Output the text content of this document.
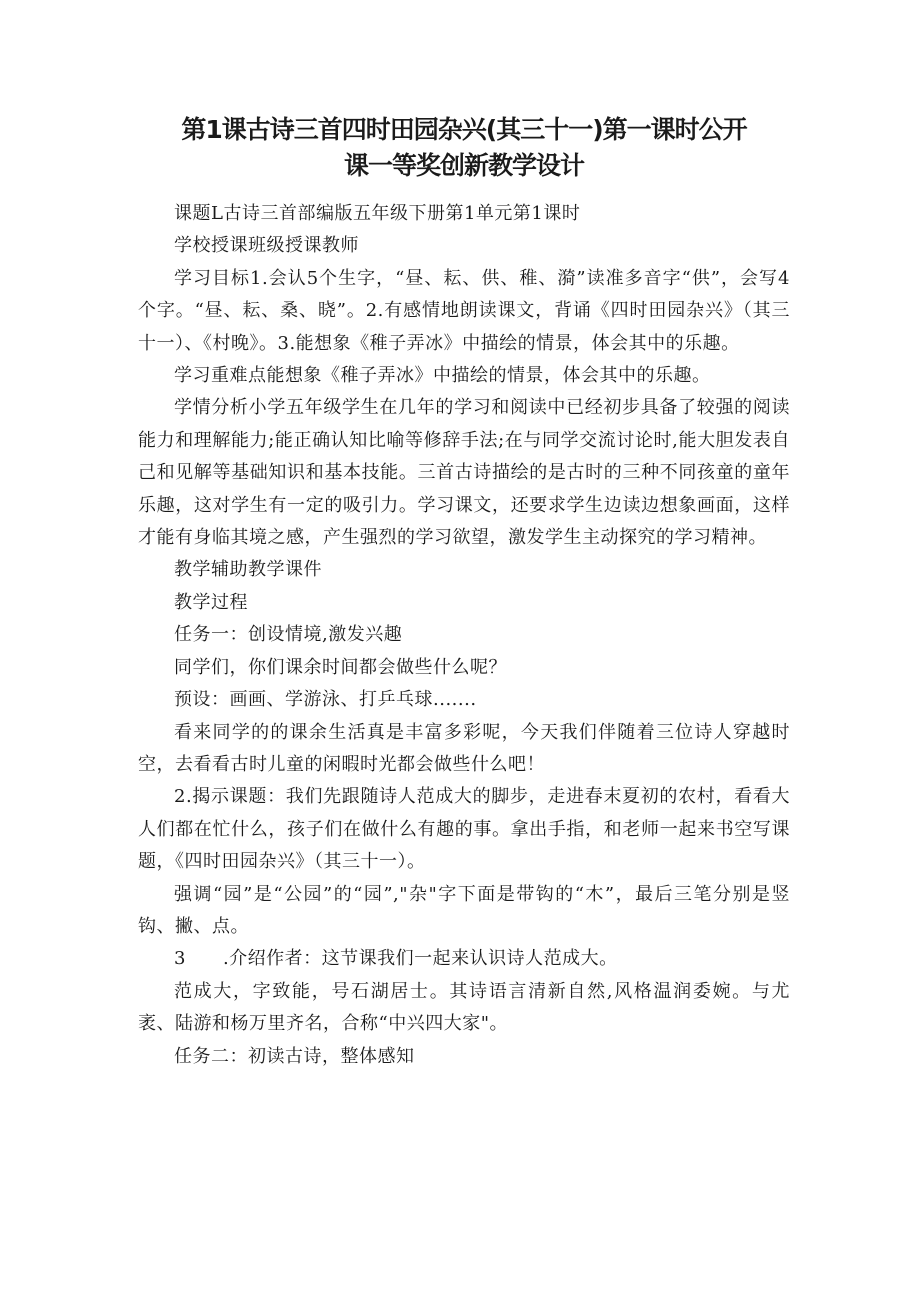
第1课古诗三首四时田园杂兴(其三十一)第一课时公开
课一等奖创新教学设计

课题L古诗三首部编版五年级下册第1单元第1课时

学校授课班级授课教师

学习目标1.会认5个生字，“昼、耘、供、稚、漪”读准多音字“供”，会写4个字。“昼、耘、桑、晓”。2.有感情地朗读课文，背诵《四时田园杂兴》（其三十一）、《村晚》。3.能想象《稚子弄冰》中描绘的情景，体会其中的乐趣。

学习重难点能想象《稚子弄冰》中描绘的情景，体会其中的乐趣。

学情分析小学五年级学生在几年的学习和阅读中已经初步具备了较强的阅读能力和理解能力;能正确认知比喻等修辞手法;在与同学交流讨论时,能大胆发表自己和见解等基础知识和基本技能。三首古诗描绘的是古时的三种不同孩童的童年乐趣，这对学生有一定的吸引力。学习课文，还要求学生边读边想象画面，这样才能有身临其境之感，产生强烈的学习欲望，激发学生主动探究的学习精神。

教学辅助教学课件

教学过程

任务一：创设情境,激发兴趣

同学们，你们课余时间都会做些什么呢？

预设：画画、学游泳、打乒乓球.......

看来同学的的课余生活真是丰富多彩呢，今天我们伴随着三位诗人穿越时空，去看看古时儿童的闲暇时光都会做些什么吧！

2.揭示课题：我们先跟随诗人范成大的脚步，走进春末夏初的农村，看看大人们都在忙什么，孩子们在做什么有趣的事。拿出手指，和老师一起来书空写课题，《四时田园杂兴》（其三十一）。

强调“园”是“公园”的“园”,"杂"字下面是带钩的“木”，最后三笔分别是竖钩、撇、点。

3　　.介绍作者：这节课我们一起来认识诗人范成大。

范成大，字致能，号石湖居士。其诗语言清新自然,风格温润委婉。与尤袤、陆游和杨万里齐名，合称“中兴四大家"。

任务二：初读古诗，整体感知
